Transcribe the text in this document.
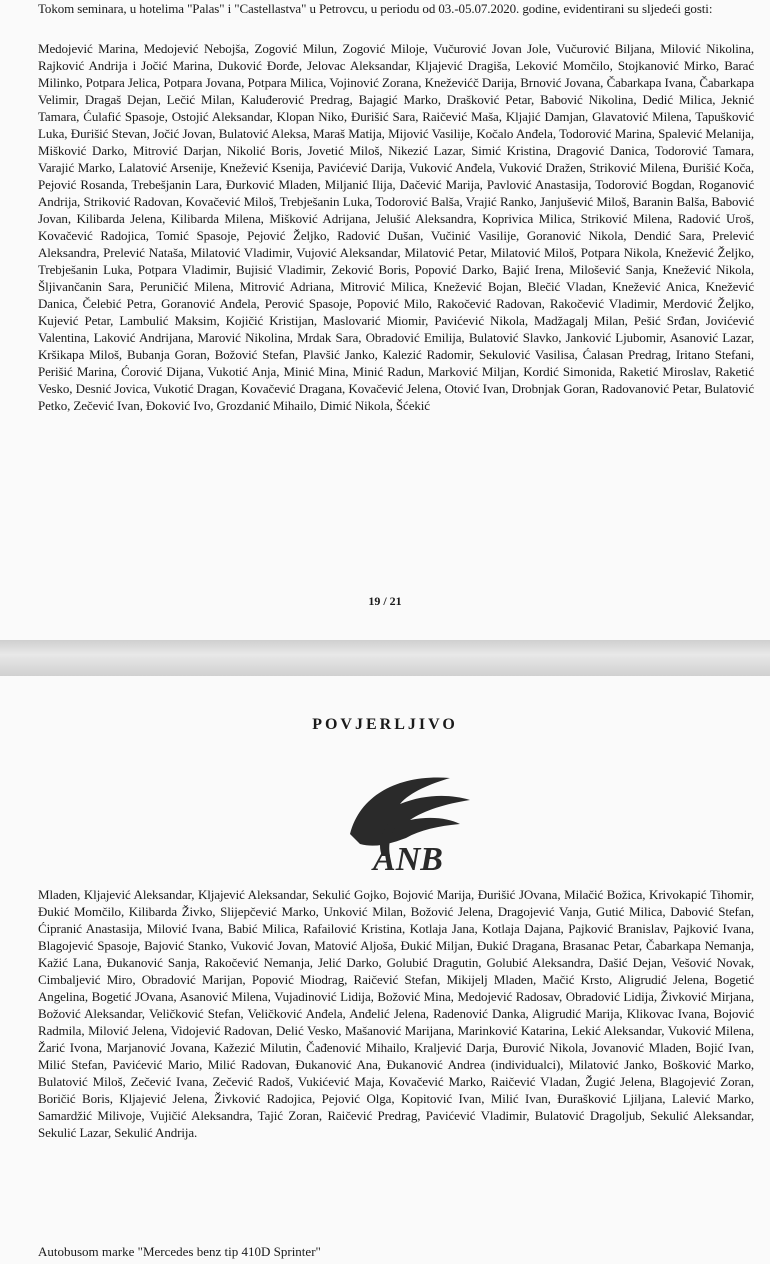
Tokom seminara, u hotelima "Palas" i "Castellastva" u Petrovcu, u periodu od 03.-05.07.2020. godine, evidentirani su sljedeći gosti:
Medojević Marina, Medojević Nebojša, Zogović Milun, Zogović Miloje, Vučurović Jovan Jole, Vučurović Biljana, Milović Nikolina, Rajković Andrija i Jočić Marina, Duković Đorđe, Jelovac Aleksandar, Kljajević Dragiša, Leković Momčilo, Stojkanović Mirko, Barać Milinko, Potpara Jelica, Potpara Jovana, Potpara Milica, Vojinović Zorana, Kneževićč Darija, Brnović Jovana, Čabarkapa Ivana, Čabarkapa Velimir, Dragaš Dejan, Lečić Milan, Kaluđerović Predrag, Bajagić Marko, Drašković Petar, Babović Nikolina, Dedić Milica, Jeknić Tamara, Ćulafić Spasoje, Ostojić Aleksandar, Klopan Niko, Đurišić Sara, Raičević Maša, Kljajić Damjan, Glavatović Milena, Tapušković Luka, Đurišić Stevan, Jočić Jovan, Bulatović Aleksa, Maraš Matija, Mijović Vasilije, Kočalo Anđela, Todorović Marina, Spalević Melanija, Mišković Darko, Mitrović Darjan, Nikolić Boris, Jovetić Miloš, Nikezić Lazar, Simić Kristina, Dragović Danica, Todorović Tamara, Varajić Marko, Lalatović Arsenije, Knežević Ksenija, Pavićević Darija, Vuković Anđela, Vuković Dražen, Striković Milena, Đurišić Koča, Pejović Rosanda, Trebešjanin Lara, Đurković Mladen, Miljanić Ilija, Dačević Marija, Pavlović Anastasija, Todorović Bogdan, Roganović Andrija, Striković Radovan, Kovačević Miloš, Trebješanin Luka, Todorović Balša, Vrajić Ranko, Janjušević Miloš, Baranin Balša, Babović Jovan, Kilibarda Jelena, Kilibarda Milena, Mišković Adrijana, Jelušić Aleksandra, Koprivica Milica, Striković Milena, Radović Uroš, Kovačević Radojica, Tomić Spasoje, Pejović Željko, Radović Dušan, Vučinić Vasilije, Goranović Nikola, Dendić Sara, Prelević Aleksandra, Prelević Nataša, Milatović Vladimir, Vujović Aleksandar, Milatović Petar, Milatović Miloš, Potpara Nikola, Knežević Željko, Trebješanin Luka, Potpara Vladimir, Bujisić Vladimir, Zeković Boris, Popović Darko, Bajić Irena, Milošević Sanja, Knežević Nikola, Šljivančanin Sara, Peruničić Milena, Mitrović Adriana, Mitrović Milica, Knežević Bojan, Blečić Vladan, Knežević Anica, Knežević Danica, Čelebić Petra, Goranović Anđela, Perović Spasoje, Popović Milo, Rakočević Radovan, Rakočević Vladimir, Merdović Željko, Kujević Petar, Lambulić Maksim, Kojičić Kristijan, Maslovarić Miomir, Pavićević Nikola, Madžagalj Milan, Pešić Srđan, Jovićević Valentina, Laković Andrijana, Marović Nikolina, Mrdak Sara, Obradović Emilija, Bulatović Slavko, Janković Ljubomir, Asanović Lazar, Kršikapa Miloš, Bubanja Goran, Božović Stefan, Plavšić Janko, Kalezić Radomir, Sekulović Vasilisa, Ćalasan Predrag, Iritano Stefani, Perišić Marina, Ćorović Dijana, Vukotić Anja, Minić Mina, Minić Radun, Marković Miljan, Kordić Simonida, Raketić Miroslav, Raketić Vesko, Desnić Jovica, Vukotić Dragan, Kovačević Dragana, Kovačević Jelena, Otović Ivan, Drobnjak Goran, Radovanović Petar, Bulatović Petko, Zečević Ivan, Đoković Ivo, Grozdanić Mihailo, Dimić Nikola, Šćekić
19 / 21
POVJERLJIVO
ANB
Mladen, Kljajević Aleksandar, Kljajević Aleksandar, Sekulić Gojko, Bojović Marija, Đurišić JOvana, Milačić Božica, Krivokapić Tihomir, Đukić Momčilo, Kilibarda Živko, Slijepčević Marko, Unković Milan, Božović Jelena, Dragojević Vanja, Gutić Milica, Dabović Stefan, Ćipranić Anastasija, Milović Ivana, Babić Milica, Rafailović Kristina, Kotlaja Jana, Kotlaja Dajana, Pajković Branislav, Pajković Ivana, Blagojević Spasoje, Bajović Stanko, Vuković Jovan, Matović Aljoša, Đukić Miljan, Đukić Dragana, Brasanac Petar, Čabarkapa Nemanja, Kažić Lana, Đukanović Sanja, Rakočević Nemanja, Jelić Darko, Golubić Dragutin, Golubić Aleksandra, Dašić Dejan, Vešović Novak, Cimbaljević Miro, Obradović Marijan, Popović Miodrag, Raičević Stefan, Mikijelj Mladen, Mačić Krsto, Aligrudić Jelena, Bogetić Angelina, Bogetić JOvana, Asanović Milena, Vujadinović Lidija, Božović Mina, Medojević Radosav, Obradović Lidija, Živković Mirjana, Božović Aleksandar, Veličković Stefan, Veličković Anđela, Anđelić Jelena, Radenović Danka, Aligrudić Marija, Klikovac Ivana, Bojović Radmila, Milović Jelena, Vidojević Radovan, Delić Vesko, Mašanović Marijana, Marinković Katarina, Lekić Aleksandar, Vuković Milena, Žarić Ivona, Marjanović Jovana, Kažezić Milutin, Čađenović Mihailo, Kraljević Darja, Đurović Nikola, Jovanović Mladen, Bojić Ivan, Milić Stefan, Pavićević Mario, Milić Radovan, Đukanović Ana, Đukanović Andrea (individualci), Milatović Janko, Bošković Marko, Bulatović Miloš, Zečević Ivana, Zečević Radoš, Vukićević Maja, Kovačević Marko, Raičević Vladan, Žugić Jelena, Blagojević Zoran, Boričić Boris, Kljajević Jelena, Živković Radojica, Pejović Olga, Kopitović Ivan, Milić Ivan, Đurašković Ljiljana, Lalević Marko, Samardžić Milivoje, Vujičić Aleksandra, Tajić Zoran, Raičević Predrag, Pavićević Vladimir, Bulatović Dragoljub, Sekulić Aleksandar, Sekulić Lazar, Sekulić Andrija.
Autobusom marke "Mercedes benz tip 410D Sprinter"
